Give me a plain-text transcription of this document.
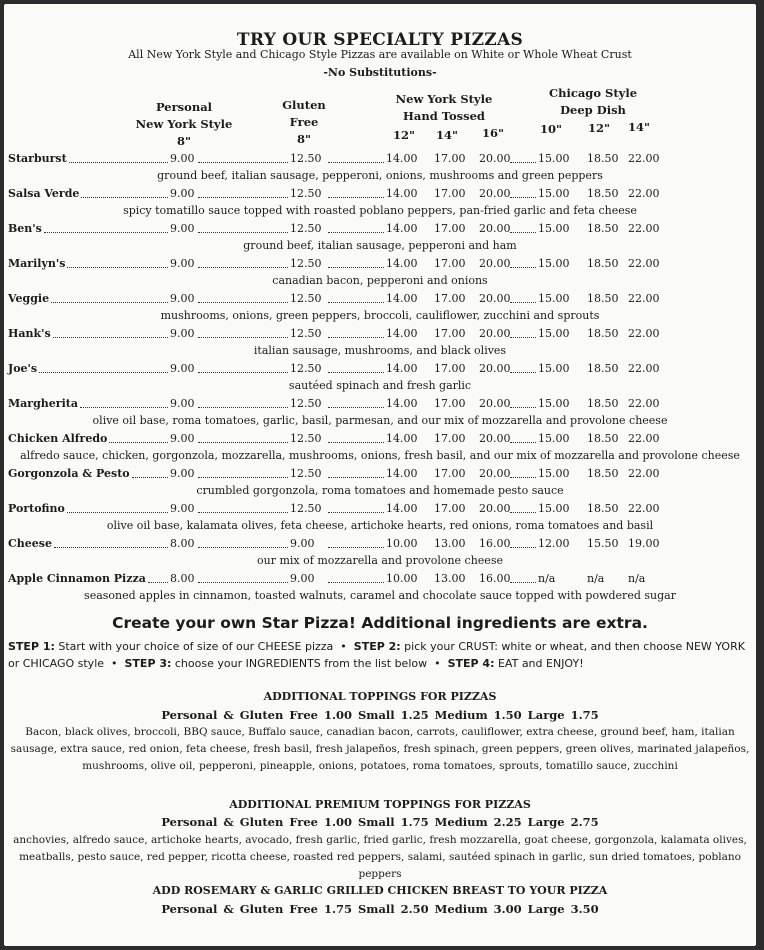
TRY OUR SPECIALTY PIZZAS
All New York Style and Chicago Style Pizzas are available on White or Whole Wheat Crust
-No Substitutions-
Personal
New York Style
8"
Gluten
Free
8"
New York Style
Hand Tossed
12"	14"	16"
Chicago Style
Deep Dish
10"	12"	14"
Starburst	9.00	12.50	14.00 17.00 20.00	15.00 18.50 22.00
ground beef, italian sausage, pepperoni, onions, mushrooms and green peppers
Salsa Verde	9.00	12.50	14.00 17.00 20.00	15.00 18.50 22.00
spicy tomatillo sauce topped with roasted poblano peppers, pan-fried garlic and feta cheese
Ben's	9.00	12.50	14.00 17.00 20.00	15.00 18.50 22.00
ground beef, italian sausage, pepperoni and ham
Marilyn's	9.00	12.50	14.00 17.00 20.00	15.00 18.50 22.00
canadian bacon, pepperoni and onions
Veggie	9.00	12.50	14.00 17.00 20.00	15.00 18.50 22.00
mushrooms, onions, green peppers, broccoli, cauliflower, zucchini and sprouts
Hank's	9.00	12.50	14.00 17.00 20.00	15.00 18.50 22.00
italian sausage, mushrooms, and black olives
Joe's	9.00	12.50	14.00 17.00 20.00	15.00 18.50 22.00
sautéed spinach and fresh garlic
Margherita	9.00	12.50	14.00 17.00 20.00	15.00 18.50 22.00
olive oil base, roma tomatoes, garlic, basil, parmesan, and our mix of mozzarella and provolone cheese
Chicken Alfredo	9.00	12.50	14.00 17.00 20.00	15.00 18.50 22.00
alfredo sauce, chicken, gorgonzola, mozzarella, mushrooms, onions, fresh basil, and our mix of mozzarella and provolone cheese
Gorgonzola & Pesto	9.00	12.50	14.00 17.00 20.00	15.00 18.50 22.00
crumbled gorgonzola, roma tomatoes and homemade pesto sauce
Portofino	9.00	12.50	14.00 17.00 20.00	15.00 18.50 22.00
olive oil base, kalamata olives, feta cheese, artichoke hearts, red onions, roma tomatoes and basil
Cheese	8.00	9.00	10.00 13.00 16.00	12.00 15.50 19.00
our mix of mozzarella and provolone cheese
Apple Cinnamon Pizza 8.00	9.00	10.00 13.00 16.00	n/a	n/a n/a
seasoned apples in cinnamon, toasted walnuts, caramel and chocolate sauce topped with powdered sugar
Create your own Star Pizza! Additional ingredients are extra.
STEP 1: Start with your choice of size of our CHEESE pizza  •  STEP 2: pick your CRUST: white or wheat, and then choose NEW YORK or CHICAGO style  •  STEP 3: choose your INGREDIENTS from the list below  •  STEP 4: EAT and ENJOY!
ADDITIONAL TOPPINGS FOR PIZZAS
Personal & Gluten Free 1.00 Small 1.25 Medium 1.50 Large 1.75
Bacon, black olives, broccoli, BBQ sauce, Buffalo sauce, canadian bacon, carrots, cauliflower, extra cheese, ground beef, ham, italian sausage, extra sauce, red onion, feta cheese, fresh basil, fresh jalapeños, fresh spinach, green peppers, green olives, marinated jalapeños, mushrooms, olive oil, pepperoni, pineapple, onions, potatoes, roma tomatoes, sprouts, tomatillo sauce, zucchini
ADDITIONAL PREMIUM TOPPINGS FOR PIZZAS
Personal & Gluten Free 1.00 Small 1.75 Medium 2.25 Large 2.75
anchovies, alfredo sauce, artichoke hearts, avocado, fresh garlic, fried garlic, fresh mozzarella, goat cheese, gorgonzola, kalamata olives, meatballs, pesto sauce, red pepper, ricotta cheese, roasted red peppers, salami, sautéed spinach in garlic, sun dried tomatoes, poblano peppers
ADD ROSEMARY & GARLIC GRILLED CHICKEN BREAST TO YOUR PIZZA
Personal & Gluten Free 1.75 Small 2.50 Medium 3.00 Large 3.50
